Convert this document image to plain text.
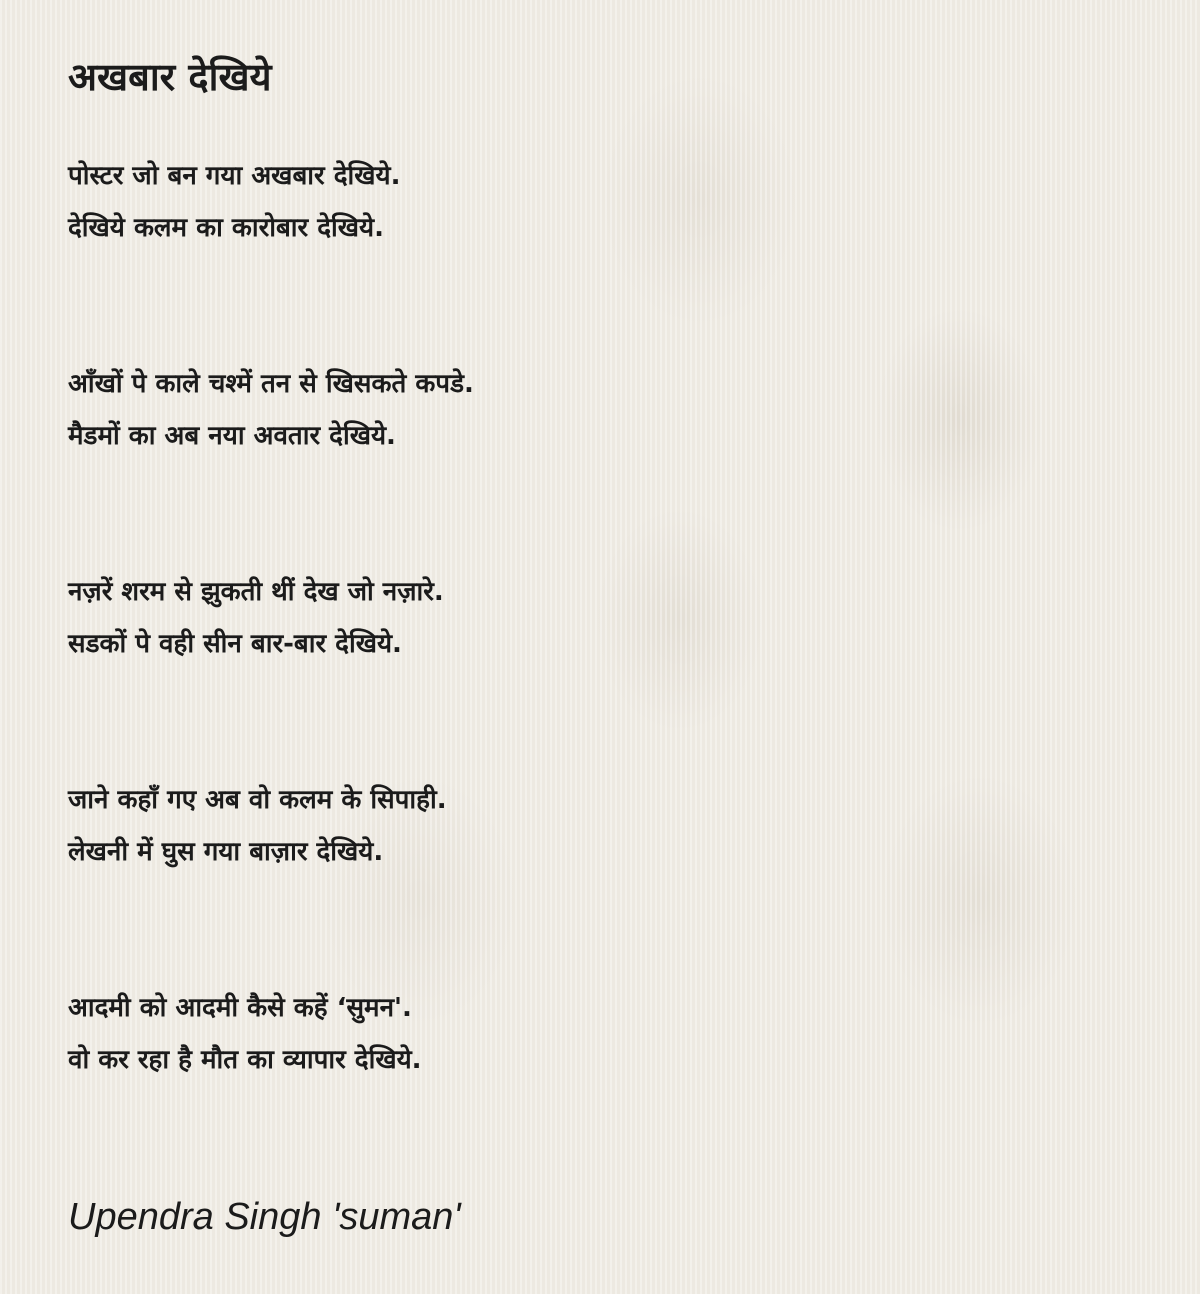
अखबार देखिये
पोस्टर जो बन गया अखबार देखिये.
देखिये कलम का कारोबार देखिये.
आँखों पे काले चश्में तन से खिसकते कपडे.
मैडमों का अब नया अवतार देखिये.
नज़रें शरम से झुकती थीं देख जो नज़ारे.
सडकों पे वही सीन बार-बार देखिये.
जाने कहाँ गए अब वो कलम के सिपाही.
लेखनी में घुस गया बाज़ार देखिये.
आदमी को आदमी कैसे कहें ‘सुमन'.
वो कर रहा है मौत का व्यापार देखिये.
Upendra Singh 'suman'
